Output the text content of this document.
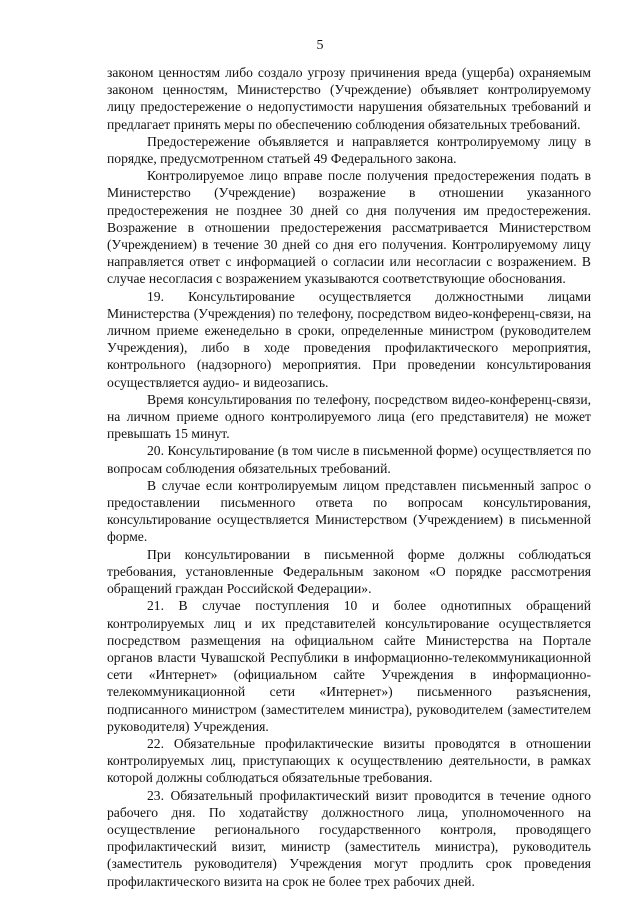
5

законом ценностям либо создало угрозу причинения вреда (ущерба) охраняемым законом ценностям, Министерство (Учреждение) объявляет контролируемому лицу предостережение о недопустимости нарушения обязательных требований и предлагает принять меры по обеспечению соблюдения обязательных требований.

Предостережение объявляется и направляется контролируемому лицу в порядке, предусмотренном статьей 49 Федерального закона.

Контролируемое лицо вправе после получения предостережения подать в Министерство (Учреждение) возражение в отношении указанного предостережения не позднее 30 дней со дня получения им предостережения. Возражение в отношении предостережения рассматривается Министерством (Учреждением) в течение 30 дней со дня его получения. Контролируемому лицу направляется ответ с информацией о согласии или несогласии с возражением. В случае несогласия с возражением указываются соответствующие обоснования.

19. Консультирование осуществляется должностными лицами Министерства (Учреждения) по телефону, посредством видео-конференц-связи, на личном приеме еженедельно в сроки, определенные министром (руководителем Учреждения), либо в ходе проведения профилактического мероприятия, контрольного (надзорного) мероприятия. При проведении консультирования осуществляется аудио- и видеозапись.

Время консультирования по телефону, посредством видео-конференц-связи, на личном приеме одного контролируемого лица (его представителя) не может превышать 15 минут.

20. Консультирование (в том числе в письменной форме) осуществляется по вопросам соблюдения обязательных требований.

В случае если контролируемым лицом представлен письменный запрос о предоставлении письменного ответа по вопросам консультирования, консультирование осуществляется Министерством (Учреждением) в письменной форме.

При консультировании в письменной форме должны соблюдаться требования, установленные Федеральным законом «О порядке рассмотрения обращений граждан Российской Федерации».

21. В случае поступления 10 и более однотипных обращений контролируемых лиц и их представителей консультирование осуществляется посредством размещения на официальном сайте Министерства на Портале органов власти Чувашской Республики в информационно-телекоммуникационной сети «Интернет» (официальном сайте Учреждения в информационно-телекоммуникационной сети «Интернет») письменного разъяснения, подписанного министром (заместителем министра), руководителем (заместителем руководителя) Учреждения.

22. Обязательные профилактические визиты проводятся в отношении контролируемых лиц, приступающих к осуществлению деятельности, в рамках которой должны соблюдаться обязательные требования.

23. Обязательный профилактический визит проводится в течение одного рабочего дня. По ходатайству должностного лица, уполномоченного на осуществление регионального государственного контроля, проводящего профилактический визит, министр (заместитель министра), руководитель (заместитель руководителя) Учреждения могут продлить срок проведения профилактического визита на срок не более трех рабочих дней.
